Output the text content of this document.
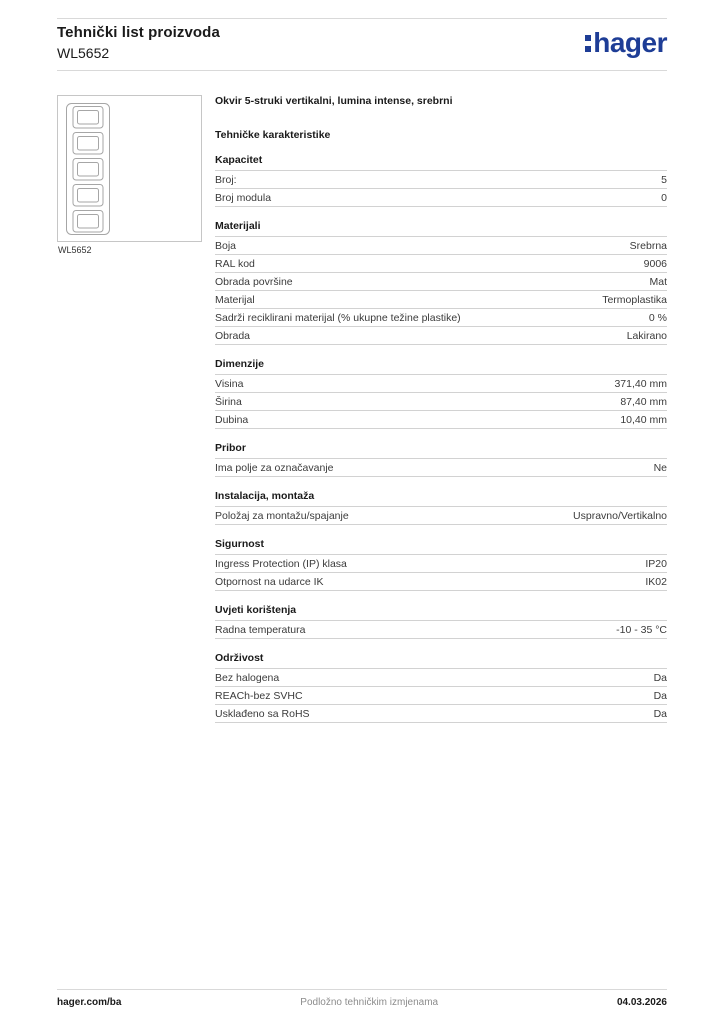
Tehnički list proizvoda
WL5652	hager
WL5652
Okvir 5-struki vertikalni, lumina intense, srebrni
Tehničke karakteristike
Kapacitet
Broj:	5
Broj modula	0
Materijali
Boja	Srebrna
RAL kod	9006
Obrada površine	Mat
Materijal	Termoplastika
Sadrži reciklirani materijal (% ukupne težine plastike)	0 %
Obrada	Lakirano
Dimenzije
Visina	371,40 mm
Širina	87,40 mm
Dubina	10,40 mm
Pribor
Ima polje za označavanje	Ne
Instalacija, montaža
Položaj za montažu/spajanje	Uspravno/Vertikalno
Sigurnost
Ingress Protection (IP) klasa	IP20
Otpornost na udarce IK	IK02
Uvjeti korištenja
Radna temperatura	-10 - 35 °C
Održivost
Bez halogena	Da
REACh-bez SVHC	Da
Usklađeno sa RoHS	Da
hager.com/ba	Podložno tehničkim izmjenama	04.03.2026
